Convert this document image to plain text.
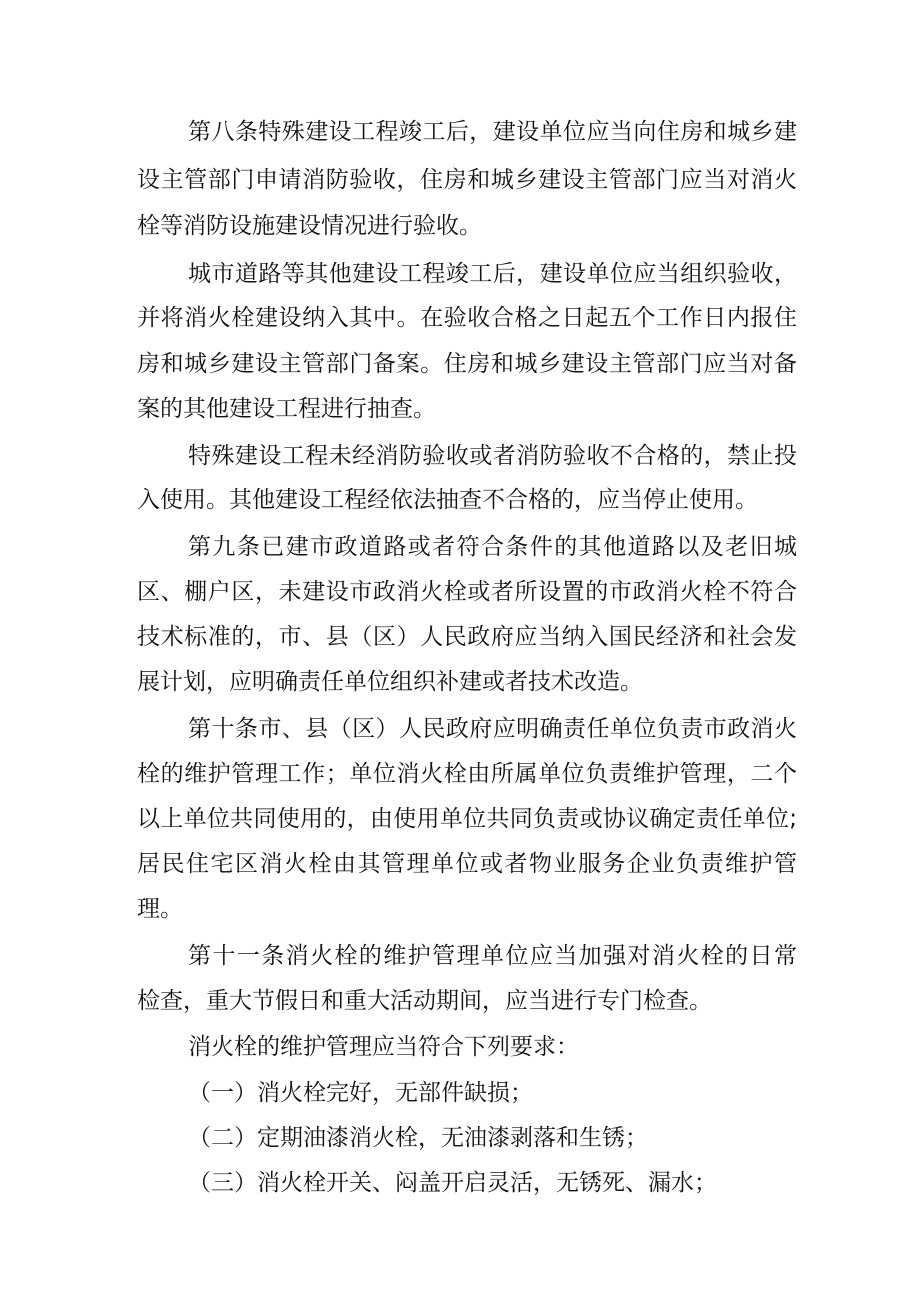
第八条特殊建设工程竣工后，建设单位应当向住房和城乡建
设主管部门申请消防验收，住房和城乡建设主管部门应当对消火
栓等消防设施建设情况进行验收。
城市道路等其他建设工程竣工后，建设单位应当组织验收，
并将消火栓建设纳入其中。在验收合格之日起五个工作日内报住
房和城乡建设主管部门备案。住房和城乡建设主管部门应当对备
案的其他建设工程进行抽查。
特殊建设工程未经消防验收或者消防验收不合格的，禁止投
入使用。其他建设工程经依法抽查不合格的，应当停止使用。
第九条已建市政道路或者符合条件的其他道路以及老旧城
区、棚户区，未建设市政消火栓或者所设置的市政消火栓不符合
技术标准的，市、县（区）人民政府应当纳入国民经济和社会发
展计划，应明确责任单位组织补建或者技术改造。
第十条市、县（区）人民政府应明确责任单位负责市政消火
栓的维护管理工作；单位消火栓由所属单位负责维护管理，二个
以上单位共同使用的，由使用单位共同负责或协议确定责任单位;
居民住宅区消火栓由其管理单位或者物业服务企业负责维护管
理。
第十一条消火栓的维护管理单位应当加强对消火栓的日常
检查，重大节假日和重大活动期间，应当进行专门检查。
消火栓的维护管理应当符合下列要求：
（一）消火栓完好，无部件缺损；
（二）定期油漆消火栓，无油漆剥落和生锈；
（三）消火栓开关、闷盖开启灵活，无锈死、漏水；
